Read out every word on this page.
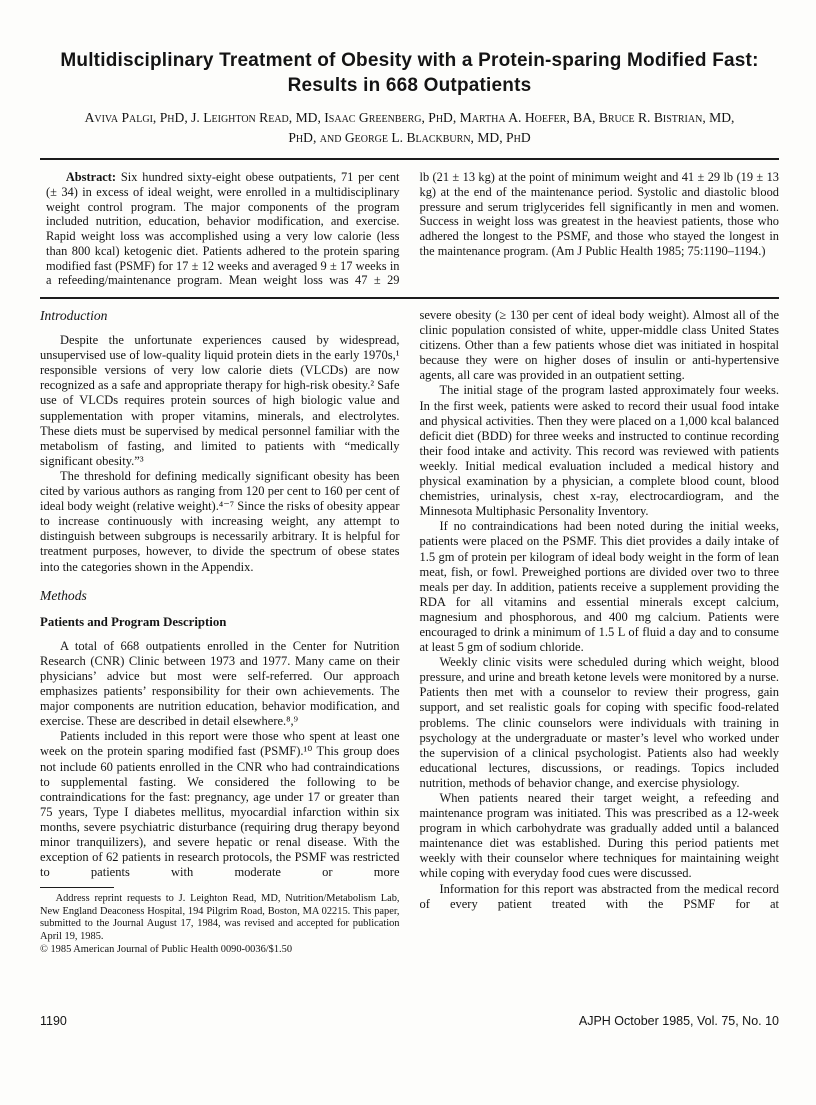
Multidisciplinary Treatment of Obesity with a Protein-sparing Modified Fast:
Results in 668 Outpatients
Aviva Palgi, PhD, J. Leighton Read, MD, Isaac Greenberg, PhD, Martha A. Hoefer, BA, Bruce R. Bistrian, MD, PhD, and George L. Blackburn, MD, PhD
Abstract: Six hundred sixty-eight obese outpatients, 71 per cent (± 34) in excess of ideal weight, were enrolled in a multidisciplinary weight control program. The major components of the program included nutrition, education, behavior modification, and exercise. Rapid weight loss was accomplished using a very low calorie (less than 800 kcal) ketogenic diet. Patients adhered to the protein sparing modified fast (PSMF) for 17 ± 12 weeks and averaged 9 ± 17 weeks in a refeeding/maintenance program. Mean weight loss was 47 ± 29
lb (21 ± 13 kg) at the point of minimum weight and 41 ± 29 lb (19 ± 13 kg) at the end of the maintenance period. Systolic and diastolic blood pressure and serum triglycerides fell significantly in men and women. Success in weight loss was greatest in the heaviest patients, those who adhered the longest to the PSMF, and those who stayed the longest in the maintenance program. (Am J Public Health 1985; 75:1190–1194.)
Introduction

Despite the unfortunate experiences caused by widespread, unsupervised use of low-quality liquid protein diets in the early 1970s,¹ responsible versions of very low calorie diets (VLCDs) are now recognized as a safe and appropriate therapy for high-risk obesity.² Safe use of VLCDs requires protein sources of high biologic value and supplementation with proper vitamins, minerals, and electrolytes. These diets must be supervised by medical personnel familiar with the metabolism of fasting, and limited to patients with “medically significant obesity.”³

The threshold for defining medically significant obesity has been cited by various authors as ranging from 120 per cent to 160 per cent of ideal body weight (relative weight).⁴⁻⁷ Since the risks of obesity appear to increase continuously with increasing weight, any attempt to distinguish between subgroups is necessarily arbitrary. It is helpful for treatment purposes, however, to divide the spectrum of obese states into the categories shown in the Appendix.

Methods
Patients and Program Description

A total of 668 outpatients enrolled in the Center for Nutrition Research (CNR) Clinic between 1973 and 1977. Many came on their physicians’ advice but most were self-referred. Our approach emphasizes patients’ responsibility for their own achievements. The major components are nutrition education, behavior modification, and exercise. These are described in detail elsewhere.⁸,⁹

Patients included in this report were those who spent at least one week on the protein sparing modified fast (PSMF).¹⁰ This group does not include 60 patients enrolled in the CNR who had contraindications to supplemental fasting. We considered the following to be contraindications for the fast: pregnancy, age under 17 or greater than 75 years, Type I diabetes mellitus, myocardial infarction within six months, severe psychiatric disturbance (requiring drug therapy beyond minor tranquilizers), and severe hepatic or renal disease. With the exception of 62 patients in research protocols, the PSMF was restricted to patients with moderate or more

Address reprint requests to J. Leighton Read, MD, Nutrition/Metabolism Lab, New England Deaconess Hospital, 194 Pilgrim Road, Boston, MA 02215. This paper, submitted to the Journal August 17, 1984, was revised and accepted for publication April 19, 1985.

© 1985 American Journal of Public Health 0090-0036/$1.50

severe obesity (≥ 130 per cent of ideal body weight). Almost all of the clinic population consisted of white, upper-middle class United States citizens. Other than a few patients whose diet was initiated in hospital because they were on higher doses of insulin or anti-hypertensive agents, all care was provided in an outpatient setting.

The initial stage of the program lasted approximately four weeks. In the first week, patients were asked to record their usual food intake and physical activities. Then they were placed on a 1,000 kcal balanced deficit diet (BDD) for three weeks and instructed to continue recording their food intake and activity. This record was reviewed with patients weekly. Initial medical evaluation included a medical history and physical examination by a physician, a complete blood count, blood chemistries, urinalysis, chest x-ray, electrocardiogram, and the Minnesota Multiphasic Personality Inventory.

If no contraindications had been noted during the initial weeks, patients were placed on the PSMF. This diet provides a daily intake of 1.5 gm of protein per kilogram of ideal body weight in the form of lean meat, fish, or fowl. Preweighed portions are divided over two to three meals per day. In addition, patients receive a supplement providing the RDA for all vitamins and essential minerals except calcium, magnesium and phosphorous, and 400 mg calcium. Patients were encouraged to drink a minimum of 1.5 L of fluid a day and to consume at least 5 gm of sodium chloride.

Weekly clinic visits were scheduled during which weight, blood pressure, and urine and breath ketone levels were monitored by a nurse. Patients then met with a counselor to review their progress, gain support, and set realistic goals for coping with specific food-related problems. The clinic counselors were individuals with training in psychology at the undergraduate or master’s level who worked under the supervision of a clinical psychologist. Patients also had weekly educational lectures, discussions, or readings. Topics included nutrition, methods of behavior change, and exercise physiology.

When patients neared their target weight, a refeeding and maintenance program was initiated. This was prescribed as a 12-week program in which carbohydrate was gradually added until a balanced maintenance diet was established. During this period patients met weekly with their counselor where techniques for maintaining weight while coping with everyday food cues were discussed.

Information for this report was abstracted from the medical record of every patient treated with the PSMF for at

1190	AJPH October 1985, Vol. 75, No. 10
